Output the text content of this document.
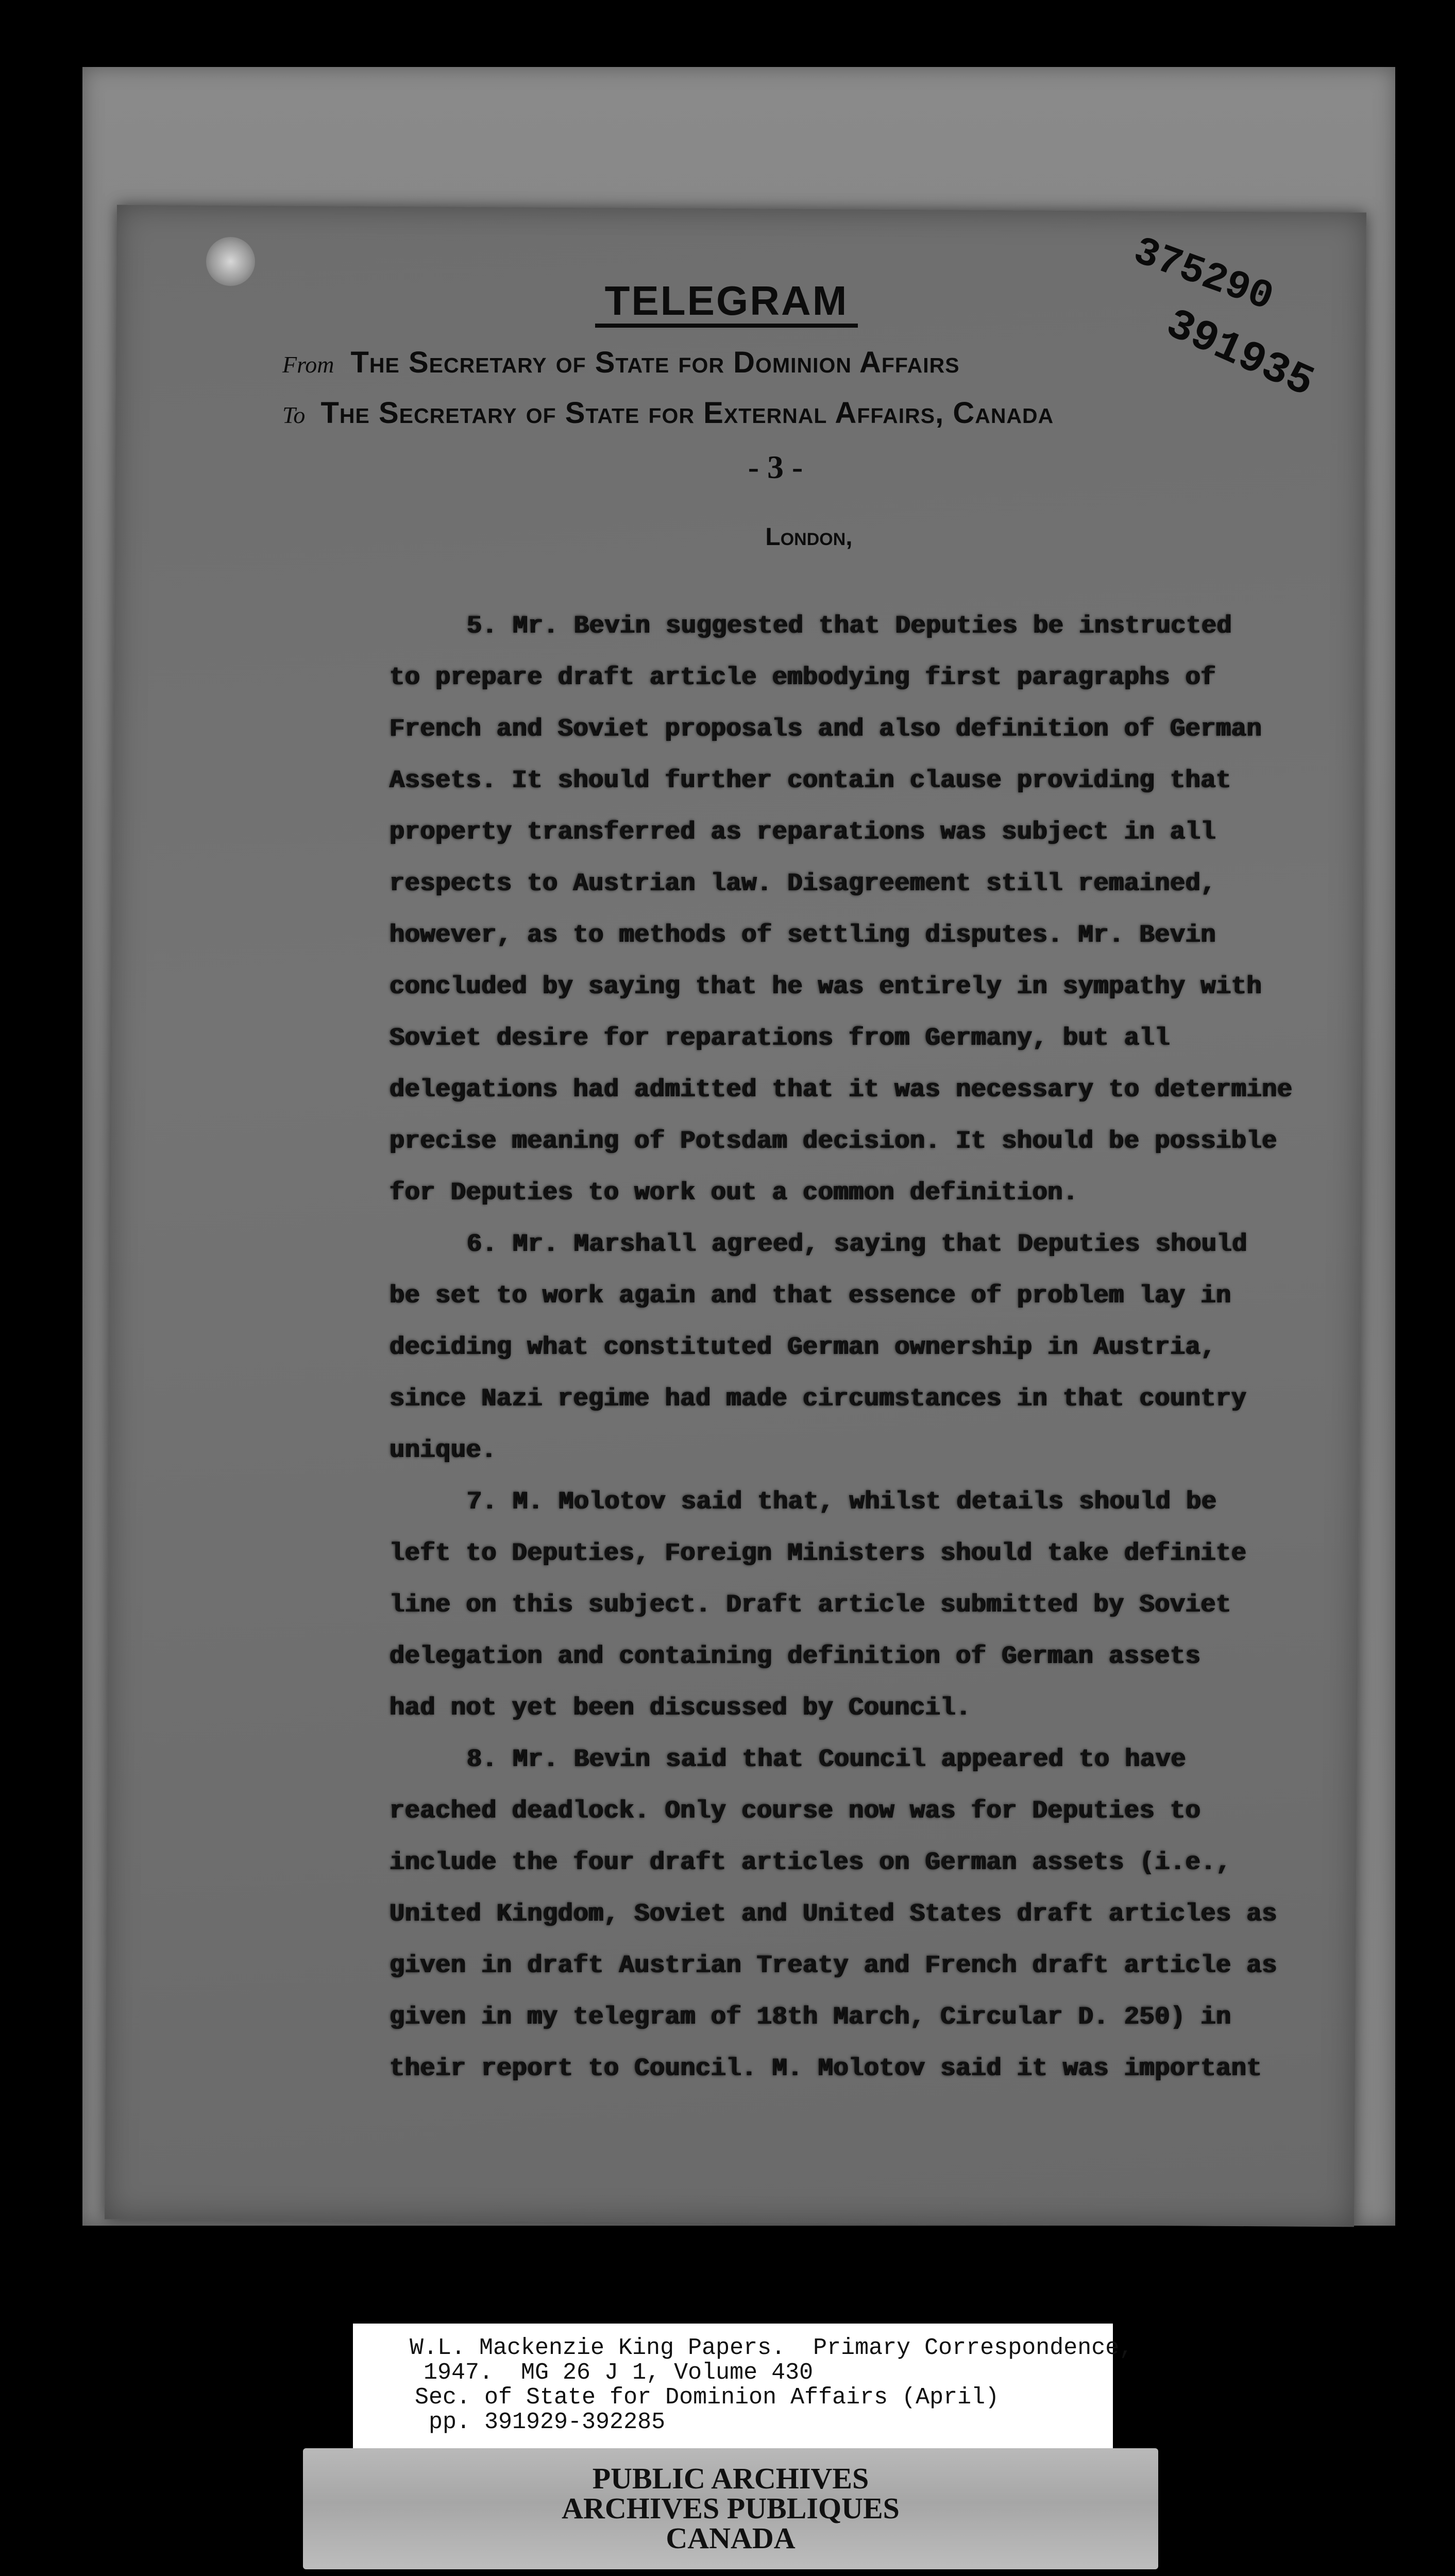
TELEGRAM
From The Secretary of State for Dominion Affairs
To The Secretary of State for External Affairs, Canada
- 3 -
London,
375290
391935
5. Mr. Bevin suggested that Deputies be instructed
to prepare draft article embodying first paragraphs of
French and Soviet proposals and also definition of German
Assets. It should further contain clause providing that
property transferred as reparations was subject in all
respects to Austrian law. Disagreement still remained,
however, as to methods of settling disputes. Mr. Bevin
concluded by saying that he was entirely in sympathy with
Soviet desire for reparations from Germany, but all
delegations had admitted that it was necessary to determine
precise meaning of Potsdam decision. It should be possible
for Deputies to work out a common definition.
6. Mr. Marshall agreed, saying that Deputies should
be set to work again and that essence of problem lay in
deciding what constituted German ownership in Austria,
since Nazi regime had made circumstances in that country
unique.
7. M. Molotov said that, whilst details should be
left to Deputies, Foreign Ministers should take definite
line on this subject. Draft article submitted by Soviet
delegation and containing definition of German assets
had not yet been discussed by Council.
8. Mr. Bevin said that Council appeared to have
reached deadlock. Only course now was for Deputies to
include the four draft articles on German assets (i.e.,
United Kingdom, Soviet and United States draft articles as
given in draft Austrian Treaty and French draft article as
given in my telegram of 18th March, Circular D. 250) in
their report to Council. M. Molotov said it was important
W.L. Mackenzie King Papers.  Primary Correspondence,
1947.  MG 26 J 1, Volume 430
Sec. of State for Dominion Affairs (April)
pp. 391929-392285
PUBLIC ARCHIVES
ARCHIVES PUBLIQUES
CANADA
